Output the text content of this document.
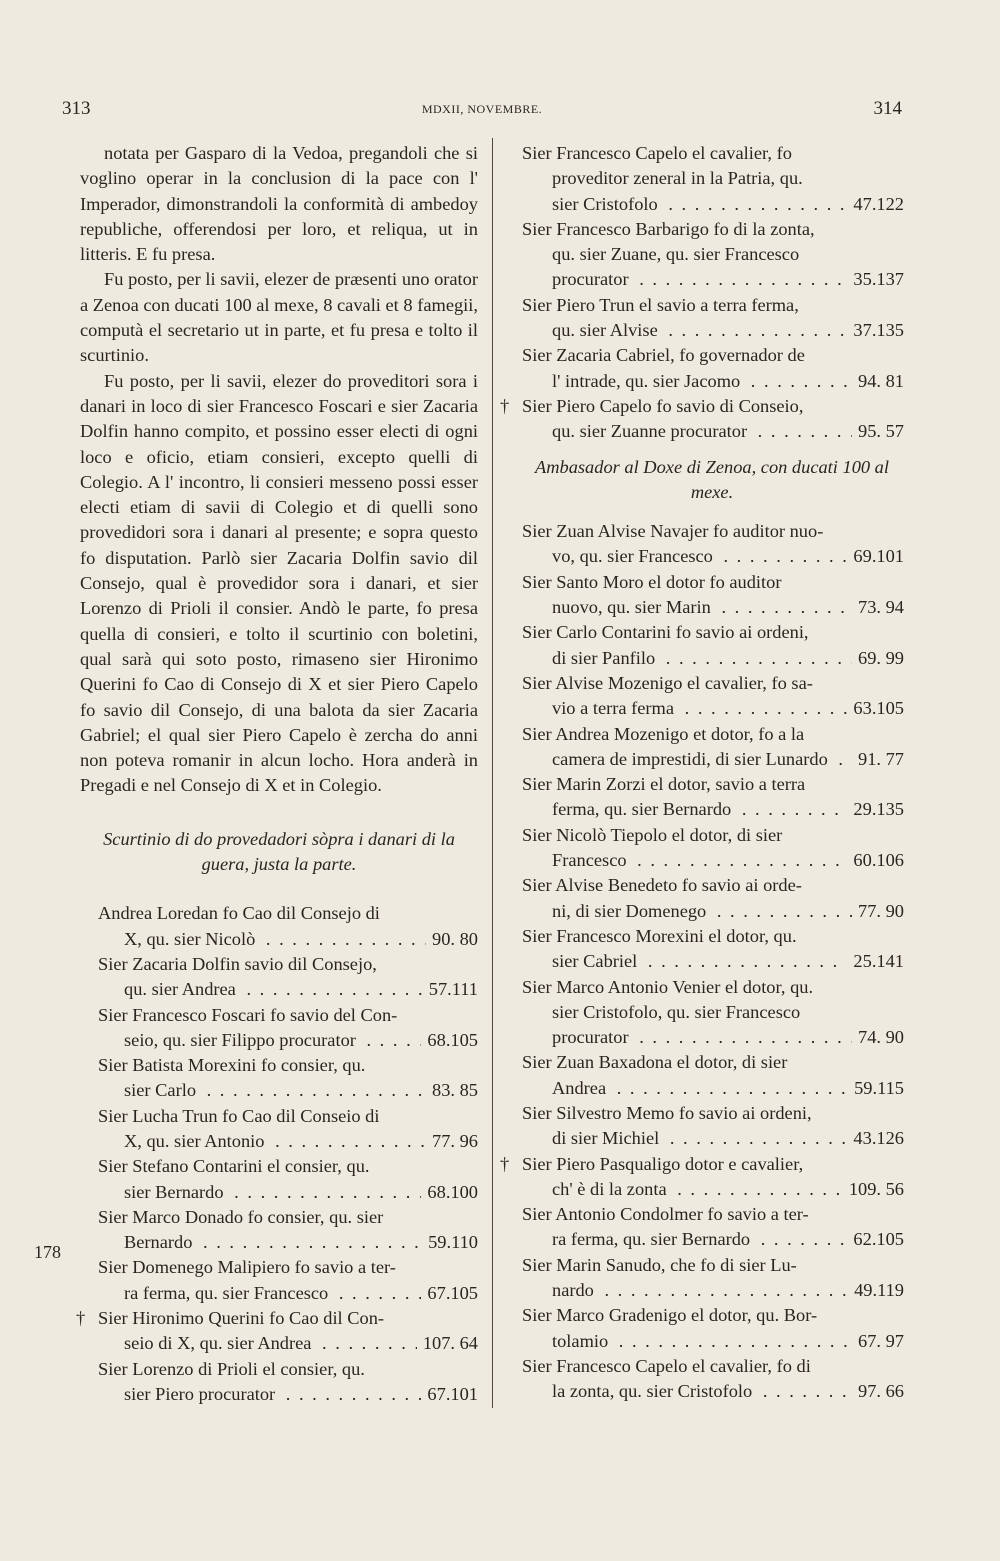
313	MDXII, NOVEMBRE.	314

notata per Gasparo di la Vedoa, pregandoli che si voglino operar in la conclusion di la pace con l' Imperador, dimonstrandoli la conformità di ambedoy republiche, offerendosi per loro, et reliqua, ut in litteris. E fu presa.

Fu posto, per li savii, elezer de præsenti uno orator a Zenoa con ducati 100 al mexe, 8 cavali et 8 famegii, computà el secretario ut in parte, et fu presa e tolto il scurtinio.

Fu posto, per li savii, elezer do proveditori sora i danari in loco di sier Francesco Foscari e sier Zacaria Dolfin hanno compito, et possino esser electi di ogni loco e oficio, etiam consieri, excepto quelli di Colegio. A l' incontro, li consieri messeno possi esser electi etiam di savii di Colegio et di quelli sono provedidori sora i danari al presente; e sopra questo fo disputation. Parlò sier Zacaria Dolfin savio dil Consejo, qual è provedidor sora i danari, et sier Lorenzo di Prioli il consier. Andò le parte, fo presa quella di consieri, e tolto il scurtinio con boletini, qual sarà qui soto posto, rimaseno sier Hironimo Querini fo Cao di Consejo di X et sier Piero Capelo fo savio dil Consejo, di una balota da sier Zacaria Gabriel; el qual sier Piero Capelo è zercha do anni non poteva romanir in alcun locho. Hora anderà in Pregadi e nel Consejo di X et in Colegio.

Scurtinio di do provedadori sòpra i danari di la guera, justa la parte.

Andrea Loredan fo Cao dil Consejo di

X, qu. sier Nicolò	90. 80
. . .

Sier Zacaria Dolfin savio dil Consejo,

qu. sier Andrea	57.111
. . .

Sier Francesco Foscari fo savio del Con-

seio, qu. sier Filippo procurator	68.105
. . .

Sier Batista Morexini fo consier, qu.

sier Carlo	83. 85
. . .

Sier Lucha Trun fo Cao dil Conseio di

X, qu. sier Antonio	77. 96
. . .

Sier Stefano Contarini el consier, qu.

sier Bernardo	68.100
. . .

Sier Marco Donado fo consier, qu. sier

Bernardo	59.110
. . .

Sier Domenego Malipiero fo savio a ter-

ra ferma, qu. sier Francesco	67.105
. . .

† Sier Hironimo Querini fo Cao dil Con-

seio di X, qu. sier Andrea	107. 64
. . .

Sier Lorenzo di Prioli el consier, qu.

sier Piero procurator	67.101
. . .

178

Sier Francesco Capelo el cavalier, fo

proveditor zeneral in la Patria, qu.

sier Cristofolo	47.122
. . .

Sier Francesco Barbarigo fo di la zonta,

qu. sier Zuane, qu. sier Francesco

procurator	35.137
. . .

Sier Piero Trun el savio a terra ferma,

qu. sier Alvise	37.135
. . .

Sier Zacaria Cabriel, fo governador de

l' intrade, qu. sier Jacomo	94. 81
. . .

† Sier Piero Capelo fo savio di Conseio,

qu. sier Zuanne procurator	95. 57
. . .

Ambasador al Doxe di Zenoa, con ducati 100 al mexe.

Sier Zuan Alvise Navajer fo auditor nuo-

vo, qu. sier Francesco	69.101
. . .

Sier Santo Moro el dotor fo auditor

nuovo, qu. sier Marin	73. 94
. . .

Sier Carlo Contarini fo savio ai ordeni,

di sier Panfilo	69. 99
. . .

Sier Alvise Mozenigo el cavalier, fo sa-

vio a terra ferma	63.105
. . .

Sier Andrea Mozenigo et dotor, fo a la

camera de imprestidi, di sier Lunardo	91. 77
. . .

Sier Marin Zorzi el dotor, savio a terra

ferma, qu. sier Bernardo	29.135
. . .

Sier Nicolò Tiepolo el dotor, di sier

Francesco	60.106
. . .

Sier Alvise Benedeto fo savio ai orde-

ni, di sier Domenego	77. 90
. . .

Sier Francesco Morexini el dotor, qu.

sier Cabriel	25.141
. . .

Sier Marco Antonio Venier el dotor, qu.

sier Cristofolo, qu. sier Francesco

procurator	74. 90
. . .

Sier Zuan Baxadona el dotor, di sier

Andrea	59.115
. . .

Sier Silvestro Memo fo savio ai ordeni,

di sier Michiel	43.126
. . .

† Sier Piero Pasqualigo dotor e cavalier,

ch' è di la zonta	109. 56
. . .

Sier Antonio Condolmer fo savio a ter-

ra ferma, qu. sier Bernardo	62.105
. . .

Sier Marin Sanudo, che fo di sier Lu-

nardo	49.119
. . .

Sier Marco Gradenigo el dotor, qu. Bor-

tolamio	67. 97
. . .

Sier Francesco Capelo el cavalier, fo di

la zonta, qu. sier Cristofolo	97. 66
. . .
